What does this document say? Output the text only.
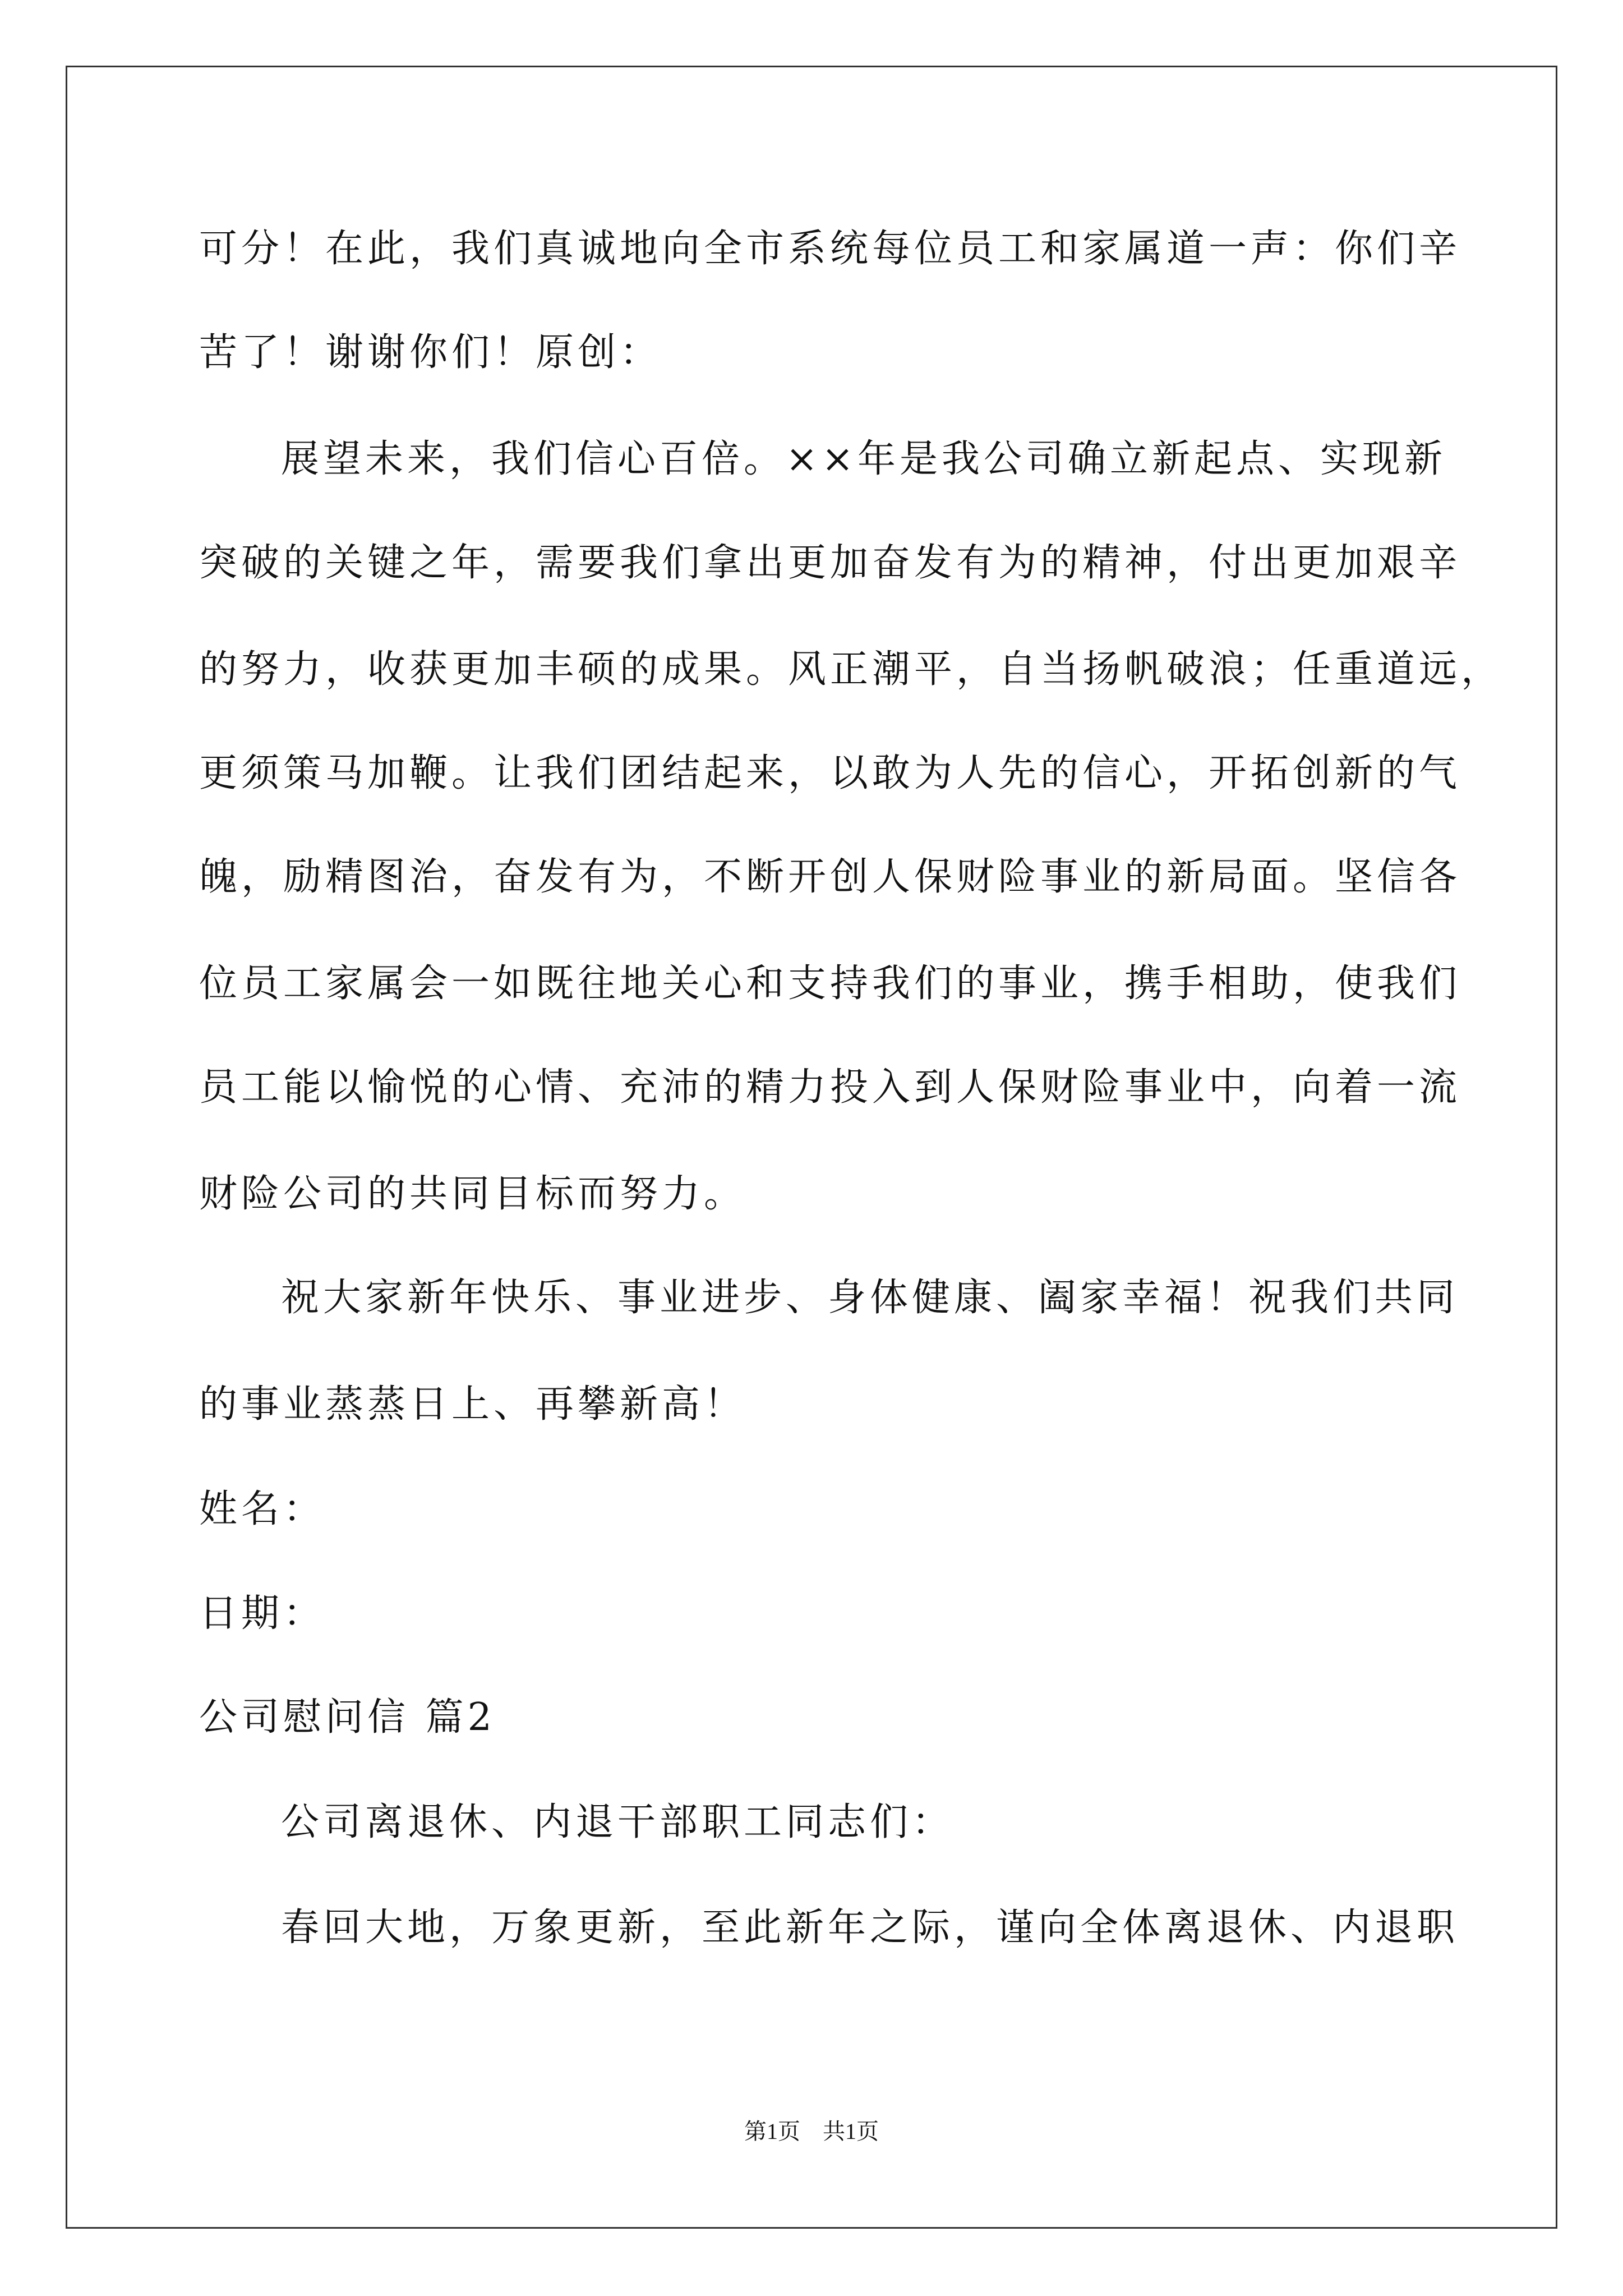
可分！在此，我们真诚地向全市系统每位员工和家属道一声：你们辛
苦了！谢谢你们！原创：
展望未来，我们信心百倍。××年是我公司确立新起点、实现新
突破的关键之年，需要我们拿出更加奋发有为的精神，付出更加艰辛
的努力，收获更加丰硕的成果。风正潮平，自当扬帆破浪；任重道远，
更须策马加鞭。让我们团结起来，以敢为人先的信心，开拓创新的气
魄，励精图治，奋发有为，不断开创人保财险事业的新局面。坚信各
位员工家属会一如既往地关心和支持我们的事业，携手相助，使我们
员工能以愉悦的心情、充沛的精力投入到人保财险事业中，向着一流
财险公司的共同目标而努力。
祝大家新年快乐、事业进步、身体健康、阖家幸福！祝我们共同
的事业蒸蒸日上、再攀新高！
姓名：
日期：
公司慰问信 篇2
公司离退休、内退干部职工同志们：
春回大地，万象更新，至此新年之际，谨向全体离退休、内退职
第1页　共1页
